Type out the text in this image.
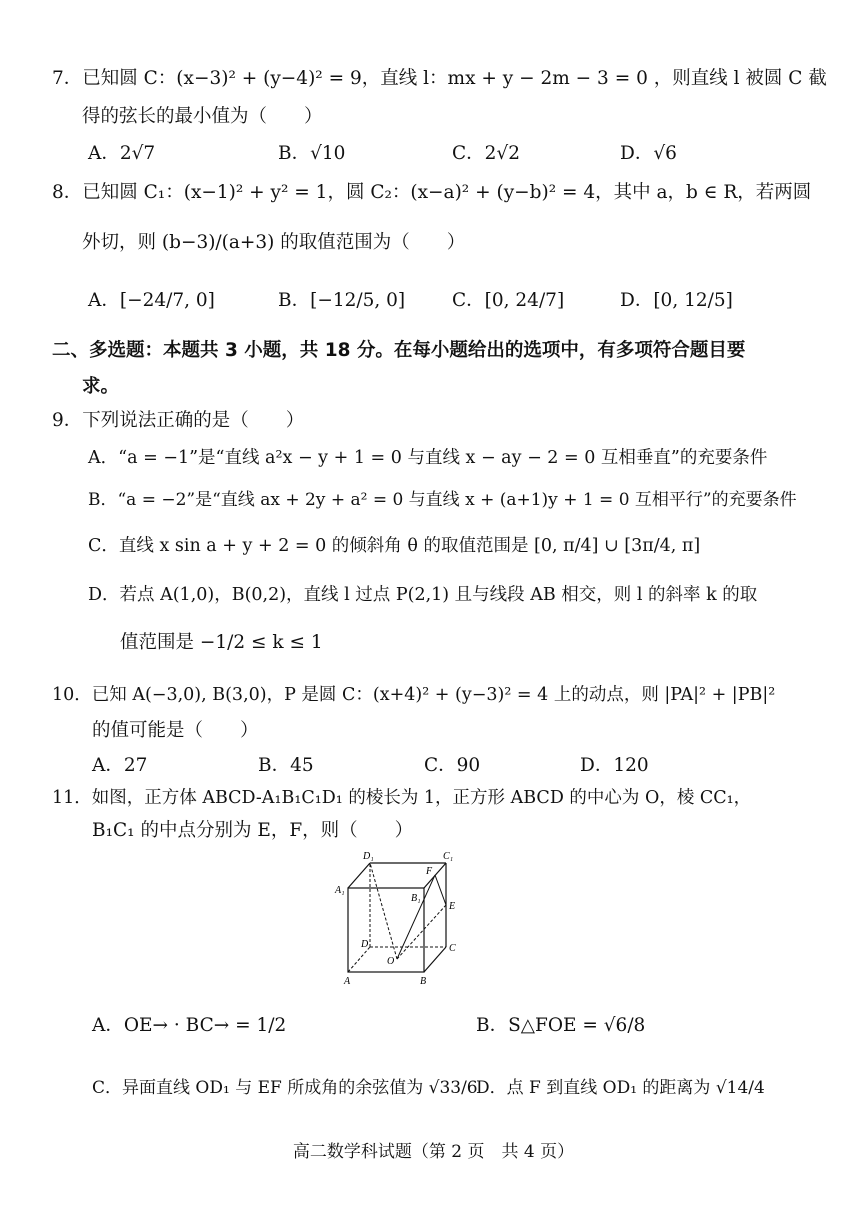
7．已知圆 C：(x−3)² + (y−4)² = 9，直线 l：mx + y − 2m − 3 = 0 ，则直线 l 被圆 C 截
得的弦长的最小值为（　　）
A．2√7	B．√10	C．2√2	D．√6
8．已知圆 C₁：(x−1)² + y² = 1，圆 C₂：(x−a)² + (y−b)² = 4，其中 a，b ∈ R，若两圆
外切，则 (b−3)/(a+3) 的取值范围为（　　）
A．[−24/7, 0]	B．[−12/5, 0]	C．[0, 24/7]	D．[0, 12/5]
二、多选题：本题共 3 小题，共 18 分。在每小题给出的选项中，有多项符合题目要
求。
9．下列说法正确的是（　　）
A．“a = −1”是“直线 a²x − y + 1 = 0 与直线 x − ay − 2 = 0 互相垂直”的充要条件
B．“a = −2”是“直线 ax + 2y + a² = 0 与直线 x + (a+1)y + 1 = 0 互相平行”的充要条件
C．直线 x sin a + y + 2 = 0 的倾斜角 θ 的取值范围是 [0, π/4] ∪ [3π/4, π]
D．若点 A(1,0)，B(0,2)，直线 l 过点 P(2,1) 且与线段 AB 相交，则 l 的斜率 k 的取
值范围是 −1/2 ≤ k ≤ 1
10．已知 A(−3,0), B(3,0)，P 是圆 C：(x+4)² + (y−3)² = 4 上的动点，则 |PA|² + |PB|²
的值可能是（　　）
A．27	B．45	C．90	D．120
11．如图，正方体 ABCD-A₁B₁C₁D₁ 的棱长为 1，正方形 ABCD 的中心为 O，棱 CC₁，
B₁C₁ 的中点分别为 E，F，则（　　）
D₁	C₁
A₁
B₁
F
E
D	C
O
A	B
A．OE→ · BC→ = 1/2	B．S△FOE = √6/8
C．异面直线 OD₁ 与 EF 所成角的余弦值为 √33/6
D．点 F 到直线 OD₁ 的距离为 √14/4
高二数学科试题（第 2 页　共 4 页）
